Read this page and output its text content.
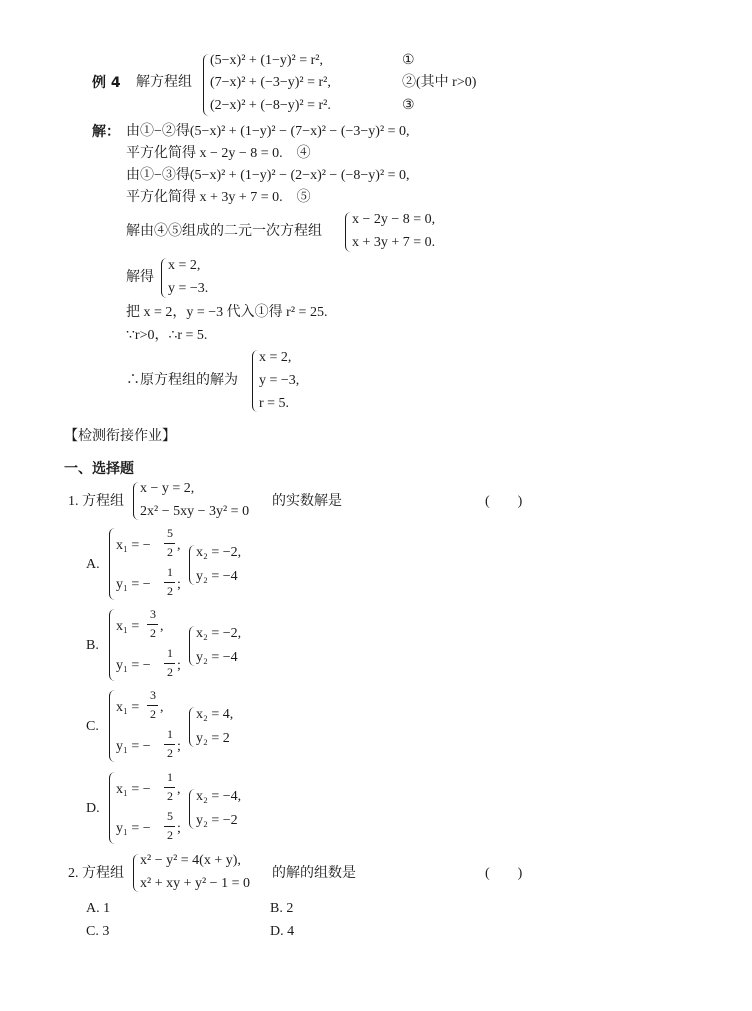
例 4 解方程组
(5−x)² + (1−y)² = r²,	①
(7−x)² + (−3−y)² = r²,	②(其中 r>0)
(2−x)² + (−8−y)² = r².	③
解： 由①−②得(5−x)² + (1−y)² − (7−x)² − (−3−y)² = 0,
平方化简得 x − 2y − 8 = 0.　④
由①−③得(5−x)² + (1−y)² − (2−x)² − (−8−y)² = 0,
平方化简得 x + 3y + 7 = 0.　⑤
解由④⑤组成的二元一次方程组
x − 2y − 8 = 0,
x + 3y + 7 = 0.
解得
x = 2,
y = −3.
把 x = 2，y = −3 代入①得 r² = 25.
∵r>0，∴r = 5.
∴原方程组的解为
x = 2,
y = −3,
r = 5.
【检测衔接作业】
一、选择题
1. 方程组
x − y = 2,
2x² − 5xy − 3y² = 0
的实数解是	(　　)
A.
x₁ = −
5
2 ,
y₁ = −
1
2 ;
x₂ = −2,
y₂ = −4
B.
x₁ =
3
2 ,
y₁ = −
1
2 ;
x₂ = −2,
y₂ = −4
C.
x₁ =
3
2 ,
y₁ = −
1
2 ;
x₂ = 4,
y₂ = 2
D.
x₁ = −
1
2 ,
y₁ = −
5
2 ;
x₂ = −4,
y₂ = −2
2. 方程组
x² − y² = 4(x + y),
x² + xy + y² − 1 = 0
的解的组数是	(　　)
A. 1	B. 2
C. 3	D. 4
